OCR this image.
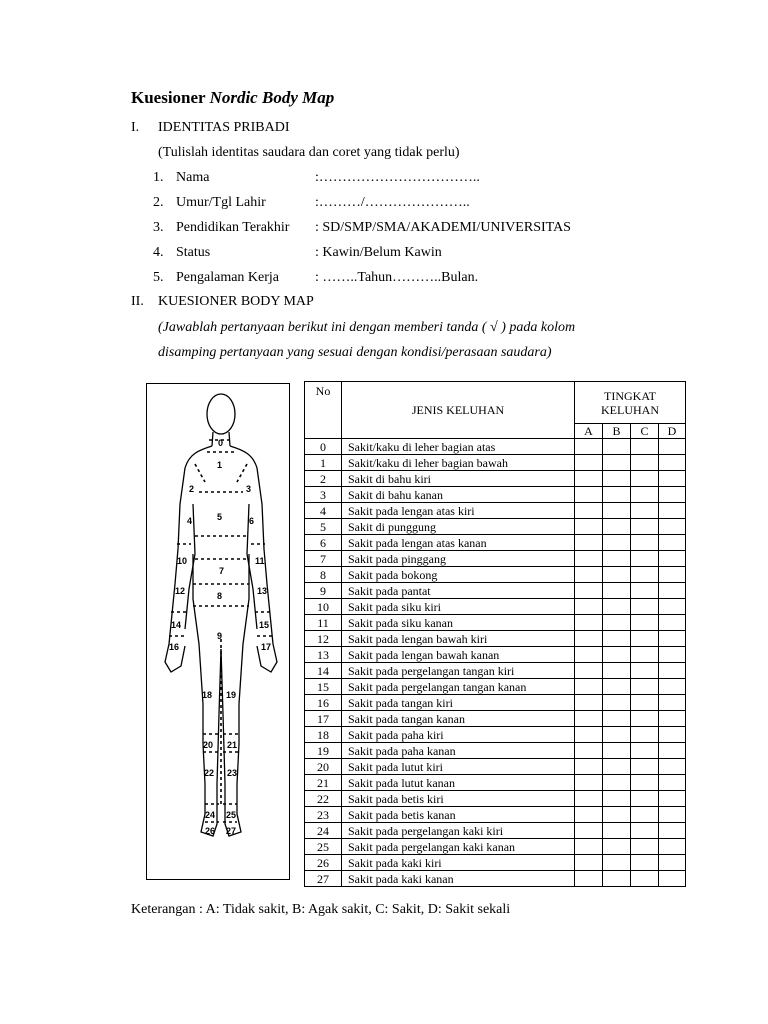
Kuesioner Nordic Body Map
I. IDENTITAS PRIBADI
(Tulislah identitas saudara dan coret yang tidak perlu)
1. Nama	:……………………………..
2. Umur/Tgl Lahir	:………/…………………..
3. Pendidikan Terakhir : SD/SMP/SMA/AKADEMI/UNIVERSITAS
4. Status	: Kawin/Belum Kawin
5. Pengalaman Kerja	: ……..Tahun………..Bulan.
II. KUESIONER BODY MAP
(Jawablah pertanyaan berikut ini dengan memberi tanda ( √ ) pada kolom
disamping pertanyaan yang sesuai dengan kondisi/perasaan saudara)
0
1
2	3
4	5	6
7
8
9
10	11
12	13
14	15
16	17
18 19
20 21
22 23
24 25
26 27
No	JENIS KELUHAN	TINGKAT
KELUHAN			
		A	B	C	D
0	Sakit/kaku di leher bagian atas				
1	Sakit/kaku di leher bagian bawah				
2	Sakit di bahu kiri				
3	Sakit di bahu kanan				
4	Sakit pada lengan atas kiri				
5	Sakit di punggung				
6	Sakit pada lengan atas kanan				
7	Sakit pada pinggang				
8	Sakit pada bokong				
9	Sakit pada pantat				
10	Sakit pada siku kiri				
11	Sakit pada siku kanan				
12	Sakit pada lengan bawah kiri				
13	Sakit pada lengan bawah kanan				
14	Sakit pada pergelangan tangan kiri				
15	Sakit pada pergelangan tangan kanan				
16	Sakit pada tangan kiri				
17	Sakit pada tangan kanan				
18	Sakit pada paha kiri				
19	Sakit pada paha kanan				
20	Sakit pada lutut kiri				
21	Sakit pada lutut kanan				
22	Sakit pada betis kiri				
23	Sakit pada betis kanan				
24	Sakit pada pergelangan kaki kiri				
25	Sakit pada pergelangan kaki kanan				
26	Sakit pada kaki kiri				
27	Sakit pada kaki kanan				
Keterangan : A: Tidak sakit, B: Agak sakit, C: Sakit, D: Sakit sekali
